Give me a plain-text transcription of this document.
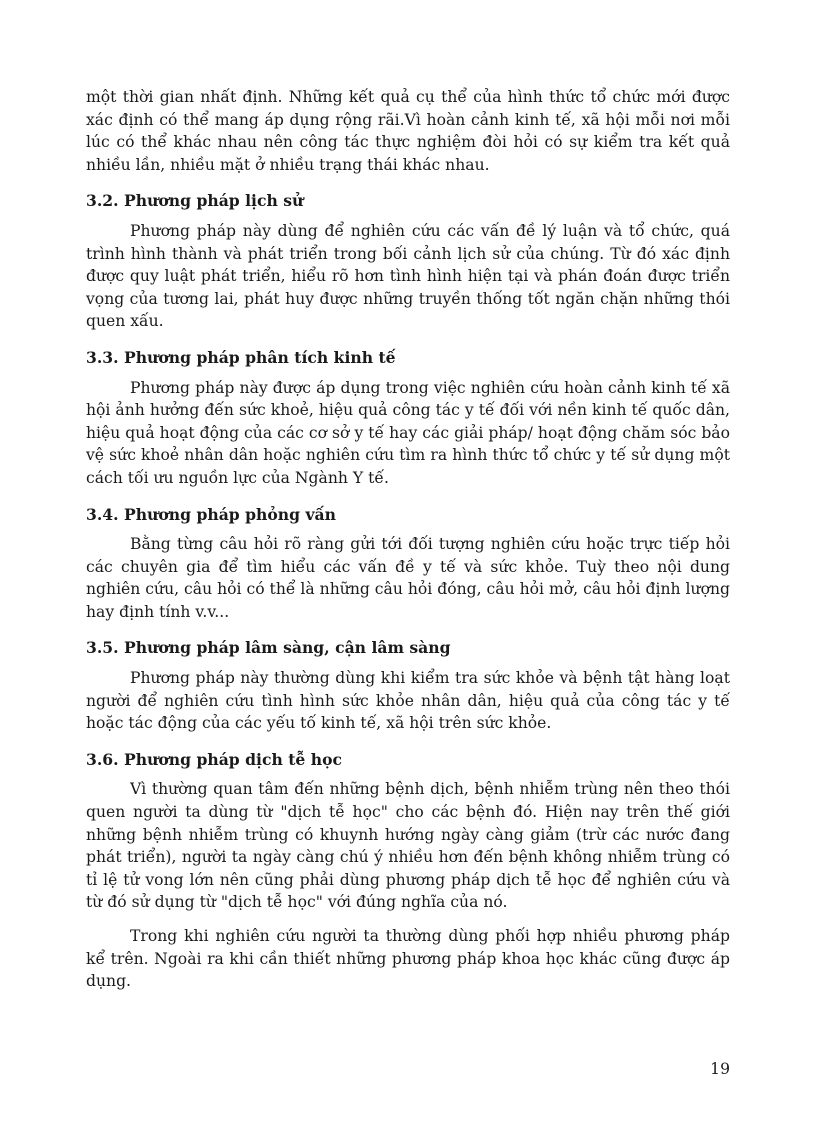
một thời gian nhất định. Những kết quả cụ thể của hình thức tổ chức mới được xác định có thể mang áp dụng rộng rãi.Vì hoàn cảnh kinh tế, xã hội mỗi nơi mỗi lúc có thể khác nhau nên công tác thực nghiệm đòi hỏi có sự kiểm tra kết quả nhiều lần, nhiều mặt ở nhiều trạng thái khác nhau.

3.2. Phương pháp lịch sử

Phương pháp này dùng để nghiên cứu các vấn đề lý luận và tổ chức, quá trình hình thành và phát triển trong bối cảnh lịch sử của chúng. Từ đó xác định được quy luật phát triển, hiểu rõ hơn tình hình hiện tại và phán đoán được triển vọng của tương lai, phát huy được những truyền thống tốt ngăn chặn những thói quen xấu.

3.3. Phương pháp phân tích kinh tế

Phương pháp này được áp dụng trong việc nghiên cứu hoàn cảnh kinh tế xã hội ảnh hưởng đến sức khoẻ, hiệu quả công tác y tế đối với nền kinh tế quốc dân, hiệu quả hoạt động của các cơ sở y tế hay các giải pháp/ hoạt động chăm sóc bảo vệ sức khoẻ nhân dân hoặc nghiên cứu tìm ra hình thức tổ chức y tế sử dụng một cách tối ưu nguồn lực của Ngành Y tế.

3.4. Phương pháp phỏng vấn

Bằng từng câu hỏi rõ ràng gửi tới đối tượng nghiên cứu hoặc trực tiếp hỏi các chuyên gia để tìm hiểu các vấn đề y tế và sức khỏe. Tuỳ theo nội dung nghiên cứu, câu hỏi có thể là những câu hỏi đóng, câu hỏi mở, câu hỏi định lượng hay định tính v.v...

3.5. Phương pháp lâm sàng, cận lâm sàng

Phương pháp này thường dùng khi kiểm tra sức khỏe và bệnh tật hàng loạt người để nghiên cứu tình hình sức khỏe nhân dân, hiệu quả của công tác y tế hoặc tác động của các yếu tố kinh tế, xã hội trên sức khỏe.

3.6. Phương pháp dịch tễ học

Vì thường quan tâm đến những bệnh dịch, bệnh nhiễm trùng nên theo thói quen người ta dùng từ "dịch tễ học" cho các bệnh đó. Hiện nay trên thế giới những bệnh nhiễm trùng có khuynh hướng ngày càng giảm (trừ các nước đang phát triển), người ta ngày càng chú ý nhiều hơn đến bệnh không nhiễm trùng có tỉ lệ tử vong lớn nên cũng phải dùng phương pháp dịch tễ học để nghiên cứu và từ đó sử dụng từ "dịch tễ học" với đúng nghĩa của nó.

Trong khi nghiên cứu người ta thường dùng phối hợp nhiều phương pháp kể trên. Ngoài ra khi cần thiết những phương pháp khoa học khác cũng được áp dụng.

19
